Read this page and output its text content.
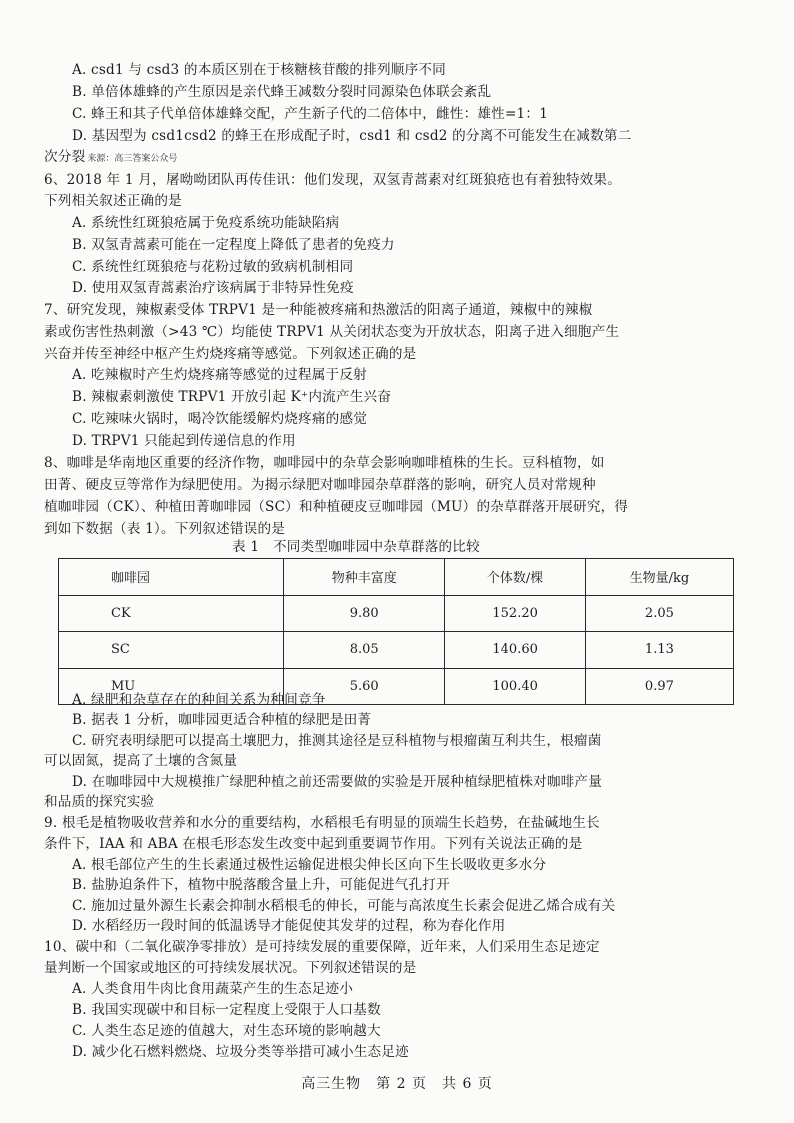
A. csd1 与 csd3 的本质区别在于核糖核苷酸的排列顺序不同
B. 单倍体雄蜂的产生原因是亲代蜂王减数分裂时同源染色体联会紊乱
C. 蜂王和其子代单倍体雄蜂交配，产生新子代的二倍体中，雌性：雄性=1：1
D. 基因型为 csd1csd2 的蜂王在形成配子时，csd1 和 csd2 的分离不可能发生在减数第二
次分裂 来源：高三答案公众号
6、2018 年 1 月，屠呦呦团队再传佳讯：他们发现，双氢青蒿素对红斑狼疮也有着独特效果。
下列相关叙述正确的是
A. 系统性红斑狼疮属于免疫系统功能缺陷病
B. 双氢青蒿素可能在一定程度上降低了患者的免疫力
C. 系统性红斑狼疮与花粉过敏的致病机制相同
D. 使用双氢青蒿素治疗该病属于非特异性免疫
7、研究发现，辣椒素受体 TRPV1 是一种能被疼痛和热激活的阳离子通道，辣椒中的辣椒
素或伤害性热刺激（>43 ℃）均能使 TRPV1 从关闭状态变为开放状态，阳离子进入细胞产生
兴奋并传至神经中枢产生灼烧疼痛等感觉。下列叙述正确的是
A. 吃辣椒时产生灼烧疼痛等感觉的过程属于反射
B. 辣椒素刺激使 TRPV1 开放引起 K⁺内流产生兴奋
C. 吃辣味火锅时，喝冷饮能缓解灼烧疼痛的感觉
D. TRPV1 只能起到传递信息的作用
8、咖啡是华南地区重要的经济作物，咖啡园中的杂草会影响咖啡植株的生长。豆科植物，如
田菁、硬皮豆等常作为绿肥使用。为揭示绿肥对咖啡园杂草群落的影响，研究人员对常规种
植咖啡园（CK）、种植田菁咖啡园（SC）和种植硬皮豆咖啡园（MU）的杂草群落开展研究，得
到如下数据（表 1）。下列叙述错误的是
咖啡园	物种丰富度	个体数/棵	生物量/kg
CK	9.80	152.20	2.05
SC	8.05	140.60	1.13
MU	5.60	100.40	0.97
表 1　不同类型咖啡园中杂草群落的比较
A. 绿肥和杂草存在的种间关系为种间竞争
B. 据表 1 分析，咖啡园更适合种植的绿肥是田菁
C. 研究表明绿肥可以提高土壤肥力，推测其途径是豆科植物与根瘤菌互利共生，根瘤菌
可以固氮，提高了土壤的含氮量
D. 在咖啡园中大规模推广绿肥种植之前还需要做的实验是开展种植绿肥植株对咖啡产量
和品质的探究实验
9. 根毛是植物吸收营养和水分的重要结构，水稻根毛有明显的顶端生长趋势，在盐碱地生长
条件下，IAA 和 ABA 在根毛形态发生改变中起到重要调节作用。下列有关说法正确的是
A. 根毛部位产生的生长素通过极性运输促进根尖伸长区向下生长吸收更多水分
B. 盐胁迫条件下，植物中脱落酸含量上升，可能促进气孔打开
C. 施加过量外源生长素会抑制水稻根毛的伸长，可能与高浓度生长素会促进乙烯合成有关
D. 水稻经历一段时间的低温诱导才能促使其发芽的过程，称为春化作用
10、碳中和（二氧化碳净零排放）是可持续发展的重要保障，近年来，人们采用生态足迹定
量判断一个国家或地区的可持续发展状况。下列叙述错误的是
A. 人类食用牛肉比食用蔬菜产生的生态足迹小
B. 我国实现碳中和目标一定程度上受限于人口基数
高三生物　第 2 页　共 6 页
C. 人类生态足迹的值越大，对生态环境的影响越大
D. 减少化石燃料燃烧、垃圾分类等举措可减小生态足迹
